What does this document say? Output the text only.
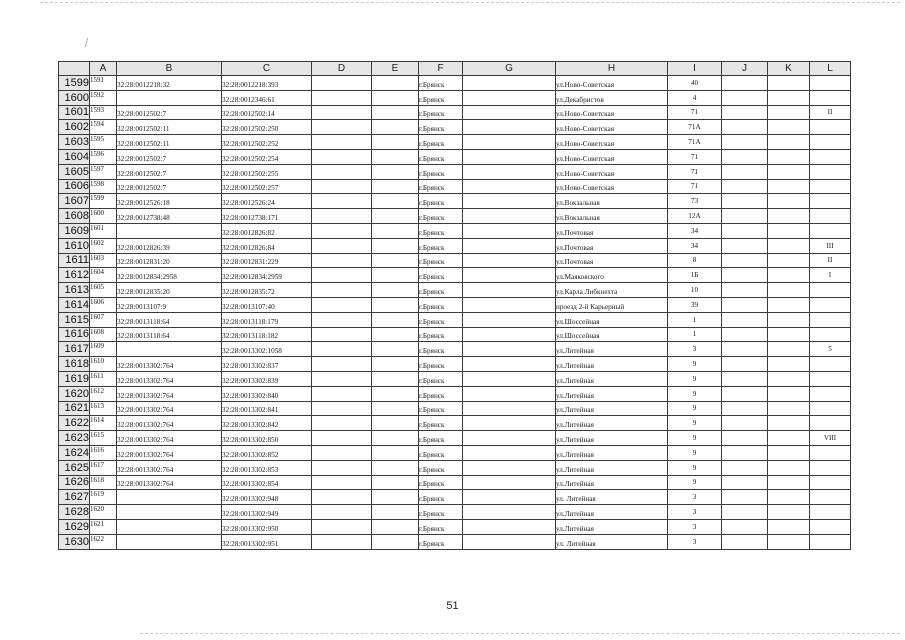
	A	B	C	D	E	F	G	H	I	J	K	L
1599	1591	32:28:0012218:32	32:28:0012218:393			г.Брянск		ул.Ново-Советская	40			
1600	1592		32:28:0012346:61			г.Брянск		ул.Декабристов	4			
1601	1593	32:28:0012502:7	32:28:0012502:14			г.Брянск		ул.Ново-Советская	71			II
1602	1594	32:28:0012502:11	32:28:0012502:250			г.Брянск		ул.Ново-Советская	71А			
1603	1595	32:28:0012502:11	32:28:0012502:252			г.Брянск		ул.Ново-Советская	71А			
1604	1596	32:28:0012502:7	32:28:0012502:254			г.Брянск		ул.Ново-Советская	71			
1605	1597	32:28:0012502:7	32:28:0012502:255			г.Брянск		ул.Ново-Советская	71			
1606	1598	32:28:0012502:7	32:28:0012502:257			г.Брянск		ул.Ново-Советская	71			
1607	1599	32:28:0012526:18	32:28:0012526:24			г.Брянск		ул.Вокзальная	73			
1608	1600	32:28:0012738:48	32:28:0012738:171			г.Брянск		ул.Вокзальная	12А			
1609	1601		32:28:0012826:82			г.Брянск		ул.Почтовая	34			
1610	1602	32:28:0012826:39	32:28:0012826:84			г.Брянск		ул.Почтовая	34			III
1611	1603	32:28:0012831:20	32:28:0012831:229			г.Брянск		ул.Почтовая	8			II
1612	1604	32:28:0012834:2958	32:28:0012834:2959			г.Брянск		ул.Маяковского	1Б			I
1613	1605	32:28:0012835:20	32:28:0012835:72			г.Брянск		ул.Карла Либкнехта	10			
1614	1606	32:28:0013107:9	32:28:0013107:40			г.Брянск		проезд 2-й Карьерный	39			
1615	1607	32:28:0013118:64	32:28:0013118:179			г.Брянск		ул.Шоссейная	1			
1616	1608	32:28:0013118:64	32:28:0013118:182			г.Брянск		ул.Шоссейная	1			
1617	1609		32:28:0013302:1058			г.Брянск		ул.Литейная	3			5
1618	1610	32:28:0013302:764	32:28:0013302:837			г.Брянск		ул.Литейная	9			
1619	1611	32:28:0013302:764	32:28:0013302:839			г.Брянск		ул.Литейная	9			
1620	1612	32:28:0013302:764	32:28:0013302:840			г.Брянск		ул.Литейная	9			
1621	1613	32:28:0013302:764	32:28:0013302:841			г.Брянск		ул.Литейная	9			
1622	1614	32:28:0013302:764	32:28:0013302:842			г.Брянск		ул.Литейная	9			
1623	1615	32:28:0013302:764	32:28:0013302:850			г.Брянск		ул.Литейная	9			VIII
1624	1616	32:28:0013302:764	32:28:0013302:852			г.Брянск		ул.Литейная	9			
1625	1617	32:28:0013302:764	32:28:0013302:853			г.Брянск		ул.Литейная	9			
1626	1618	32:28:0013302:764	32:28:0013302:854			г.Брянск		ул.Литейная	9			
1627	1619		32:28:0013302:948			г.Брянск		ул. Литейная	3			
1628	1620		32:28:0013302:949			г.Брянск		ул.Литейная	3			
1629	1621		32:28:0013302:950			г.Брянск		ул.Литейная	3			
1630	1622		32:28:0013302:951			г.Брянск		ул. Литейная	3			
51
